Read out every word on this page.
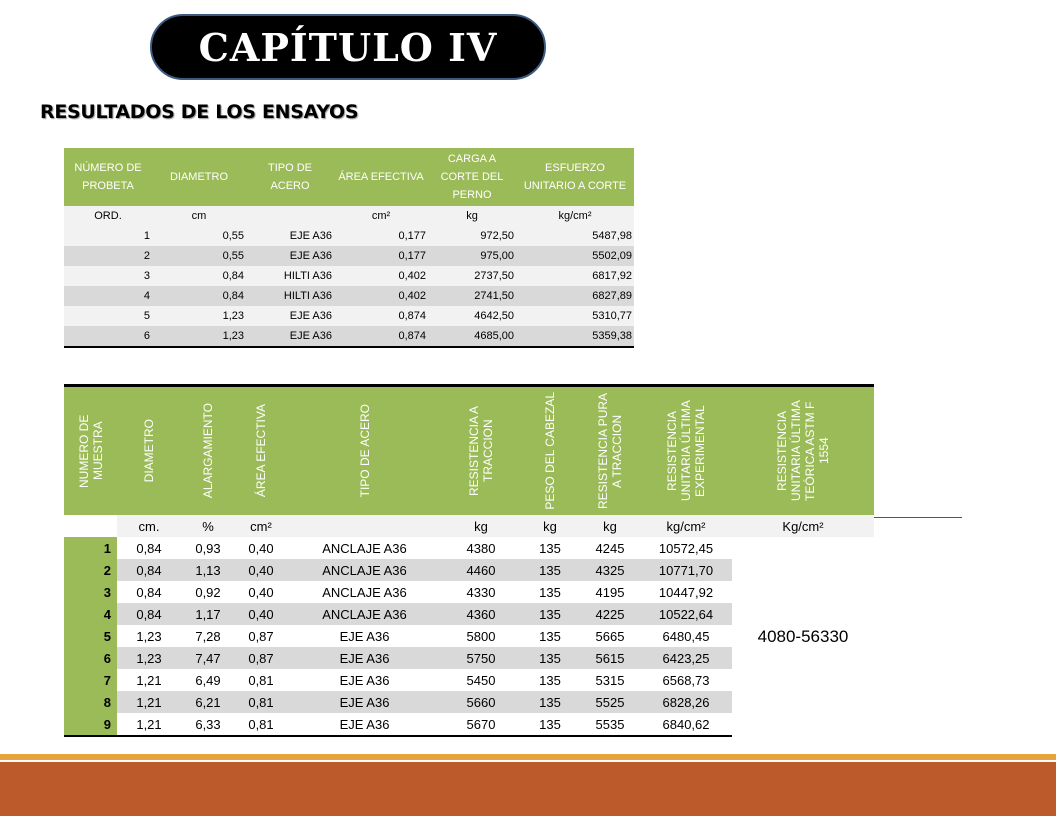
CAPÍTULO IV
RESULTADOS DE LOS ENSAYOS
NÚMERO DE PROBETA	DIAMETRO	TIPO DE ACERO	ÁREA EFECTIVA	CARGA A CORTE DEL PERNO	ESFUERZO UNITARIO A CORTE
ORD.	cm		cm²	kg	kg/cm²
1	0,55	EJE A36	0,177	972,50	5487,98
2	0,55	EJE A36	0,177	975,00	5502,09
3	0,84	HILTI A36	0,402	2737,50	6817,92
4	0,84	HILTI A36	0,402	2741,50	6827,89
5	1,23	EJE A36	0,874	4642,50	5310,77
6	1,23	EJE A36	0,874	4685,00	5359,38
NUMERO DE MUESTRA	DIAMETRO	ALARGAMIENTO	ÁREA EFECTIVA	TIPO DE ACERO	RESISTENCIA A TRACCION	PESO DEL CABEZAL	RESISTENCIA PURA A TRACCION	RESISTENCIA UNITARIA ÚLTIMA EXPERIMENTAL	RESISTENCIA UNITARIA ÚLTIMA TEÓRICA ASTM F 1554

	cm.	%	cm²		kg	kg	kg	kg/cm²	Kg/cm²
1	0,84	0,93	0,40	ANCLAJE A36	4380	135	4245	10572,45	4080-56330
2	0,84	1,13	0,40	ANCLAJE A36	4460	135	4325	10771,70	
3	0,84	0,92	0,40	ANCLAJE A36	4330	135	4195	10447,92	
4	0,84	1,17	0,40	ANCLAJE A36	4360	135	4225	10522,64	
5	1,23	7,28	0,87	EJE A36	5800	135	5665	6480,45	
6	1,23	7,47	0,87	EJE A36	5750	135	5615	6423,25	
7	1,21	6,49	0,81	EJE A36	5450	135	5315	6568,73	
8	1,21	6,21	0,81	EJE A36	5660	135	5525	6828,26	
9	1,21	6,33	0,81	EJE A36	5670	135	5535	6840,62	
